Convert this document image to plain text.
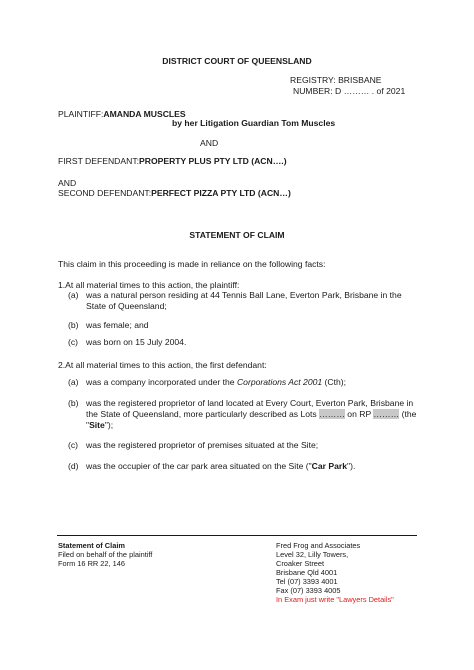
DISTRICT COURT OF QUEENSLAND
REGISTRY: BRISBANE
NUMBER: D ……… . of 2021
PLAINTIFF:AMANDA MUSCLES
by her Litigation Guardian Tom Muscles
AND
FIRST DEFENDANT:PROPERTY PLUS PTY LTD (ACN….)
AND
SECOND DEFENDANT:PERFECT PIZZA PTY LTD (ACN…)
STATEMENT OF CLAIM
This claim in this proceeding is made in reliance on the following facts:
1.At all material times to this action, the plaintiff:
(a) was a natural person residing at 44 Tennis Ball Lane, Everton Park, Brisbane in the State of Queensland;
(b) was female; and
(c) was born on 15 July 2004.
2.At all material times to this action, the first defendant:
(a) was a company incorporated under the Corporations Act 2001 (Cth);
(b) was the registered proprietor of land located at Every Court, Everton Park, Brisbane in the State of Queensland, more particularly described as Lots ……… on RP ……… (the "Site");
(c) was the registered proprietor of premises situated at the Site;
(d) was the occupier of the car park area situated on the Site ("Car Park").
Statement of Claim
Filed on behalf of the plaintiff
Form 16 RR 22, 146
Fred Frog and Associates
Level 32, Lilly Towers,
Croaker Street
Brisbane Qld 4001
Tel (07) 3393 4001
Fax (07) 3393 4005
In Exam just write "Lawyers Details"
